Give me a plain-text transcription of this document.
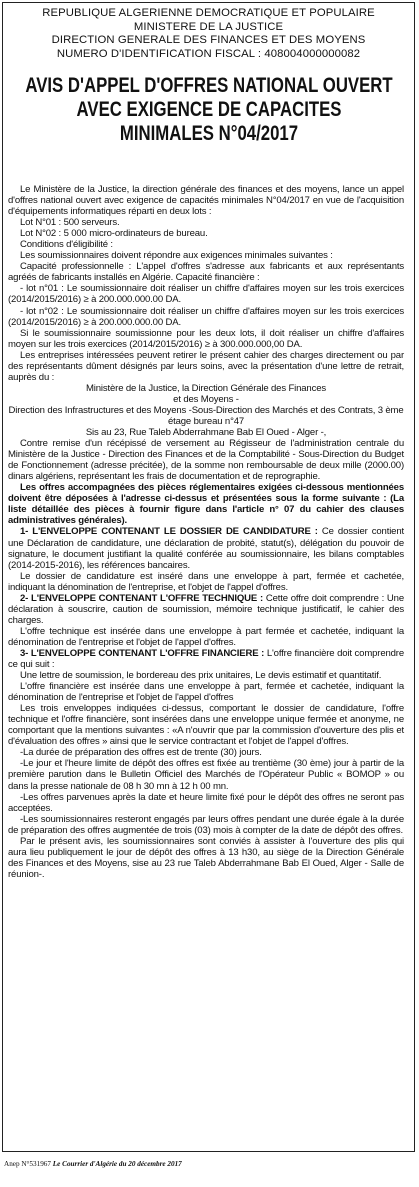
REPUBLIQUE ALGERIENNE DEMOCRATIQUE ET POPULAIRE
MINISTERE DE LA JUSTICE
DIRECTION GENERALE DES FINANCES ET DES MOYENS
NUMERO D'IDENTIFICATION FISCAL : 408004000000082
AVIS D'APPEL D'OFFRES NATIONAL OUVERT
AVEC EXIGENCE DE CAPACITES
MINIMALES N°04/2017

Le Ministère de la Justice, la direction générale des finances et des moyens, lance un appel d'offres national ouvert avec exigence de capacités minimales N°04/2017 en vue de l'acquisition d'équipements informatiques réparti en deux lots :

Lot N°01 : 500 serveurs.

Lot N°02 : 5 000 micro-ordinateurs de bureau.

Conditions d'éligibilité :

Les soumissionnaires doivent répondre aux exigences minimales suivantes :

Capacité professionnelle : L'appel d'offres s'adresse aux fabricants et aux représentants agréés de fabricants installés en Algérie. Capacité financière :

- lot n°01 : Le soumissionnaire doit réaliser un chiffre d'affaires moyen sur les trois exercices (2014/2015/2016) ≥ à 200.000.000.00 DA.

- lot n°02 : Le soumissionnaire doit réaliser un chiffre d'affaires moyen sur les trois exercices (2014/2015/2016) ≥ à 200.000.000.00 DA.

Si le soumissionnaire soumissionne pour les deux lots, il doit réaliser un chiffre d'affaires moyen sur les trois exercices (2014/2015/2016) ≥ à 300.000.000,00 DA.

Les entreprises intéressées peuvent retirer le présent cahier des charges directement ou par des représentants dûment désignés par leurs soins, avec la présentation d'une lettre de retrait, auprès du :

Ministère de la Justice, la Direction Générale des Finances

et des Moyens -

Direction des Infrastructures et des Moyens -Sous-Direction des Marchés et des Contrats, 3 ème étage bureau n°47

Sis au 23, Rue Taleb Abderrahmane Bab El Oued - Alger -,

Contre remise d'un récépissé de versement au Régisseur de l'administration centrale du Ministère de la Justice - Direction des Finances et de la Comptabilité - Sous-Direction du Budget de Fonctionnement (adresse précitée), de la somme non remboursable de deux mille (2000.00) dinars algériens, représentant les frais de documentation et de reprographie.

Les offres accompagnées des pièces réglementaires exigées ci-dessous mentionnées doivent être déposées à l'adresse ci-dessus et présentées sous la forme suivante : (La liste détaillée des pièces à fournir figure dans l'article n° 07 du cahier des clauses administratives générales).

1- L'ENVELOPPE CONTENANT LE DOSSIER DE CANDIDATURE : Ce dossier contient une Déclaration de candidature, une déclaration de probité, statut(s), délégation du pouvoir de signature, le document justifiant la qualité conférée au soumissionnaire, les bilans comptables (2014-2015-2016), les références bancaires.

Le dossier de candidature est inséré dans une enveloppe à part, fermée et cachetée, indiquant la dénomination de l'entreprise, et l'objet de l'appel d'offres.

2- L'ENVELOPPE CONTENANT L'OFFRE TECHNIQUE : Cette offre doit comprendre : Une déclaration à souscrire, caution de soumission, mémoire technique justificatif, le cahier des charges.

L'offre technique est insérée dans une enveloppe à part fermée et cachetée, indiquant la dénomination de l'entreprise et l'objet de l'appel d'offres.

3- L'ENVELOPPE CONTENANT L'OFFRE FINANCIERE : L'offre financière doit comprendre ce qui suit :

Une lettre de soumission, le bordereau des prix unitaires, Le devis estimatif et quantitatif.

L'offre financière est insérée dans une enveloppe à part, fermée et cachetée, indiquant la dénomination de l'entreprise et l'objet de l'appel d'offres

Les trois enveloppes indiquées ci-dessus, comportant le dossier de candidature, l'offre technique et l'offre financière, sont insérées dans une enveloppe unique fermée et anonyme, ne comportant que la mentions suivantes : «A n'ouvrir que par la commission d'ouverture des plis et d'évaluation des offres » ainsi que le service contractant et l'objet de l'appel d'offres.

-La durée de préparation des offres est de trente (30) jours.

-Le jour et l'heure limite de dépôt des offres est fixée au trentième (30 ème) jour à partir de la première parution dans le Bulletin Officiel des Marchés de l'Opérateur Public « BOMOP » ou dans la presse nationale de 08 h 30 mn à 12 h 00 mn.

-Les offres parvenues après la date et heure limite fixé pour le dépôt des offres ne seront pas acceptées.

-Les soumissionnaires resteront engagés par leurs offres pendant une durée égale à la durée de préparation des offres augmentée de trois (03) mois à compter de la date de dépôt des offres.

Par le présent avis, les soumissionnaires sont conviés à assister à l'ouverture des plis qui aura lieu publiquement le jour de dépôt des offres à 13 h30, au siège de la Direction Générale des Finances et des Moyens, sise au 23 rue Taleb Abderrahmane Bab El Oued, Alger - Salle de réunion-.

Anep N°531967 Le Courrier d'Algérie du 20 décembre 2017
